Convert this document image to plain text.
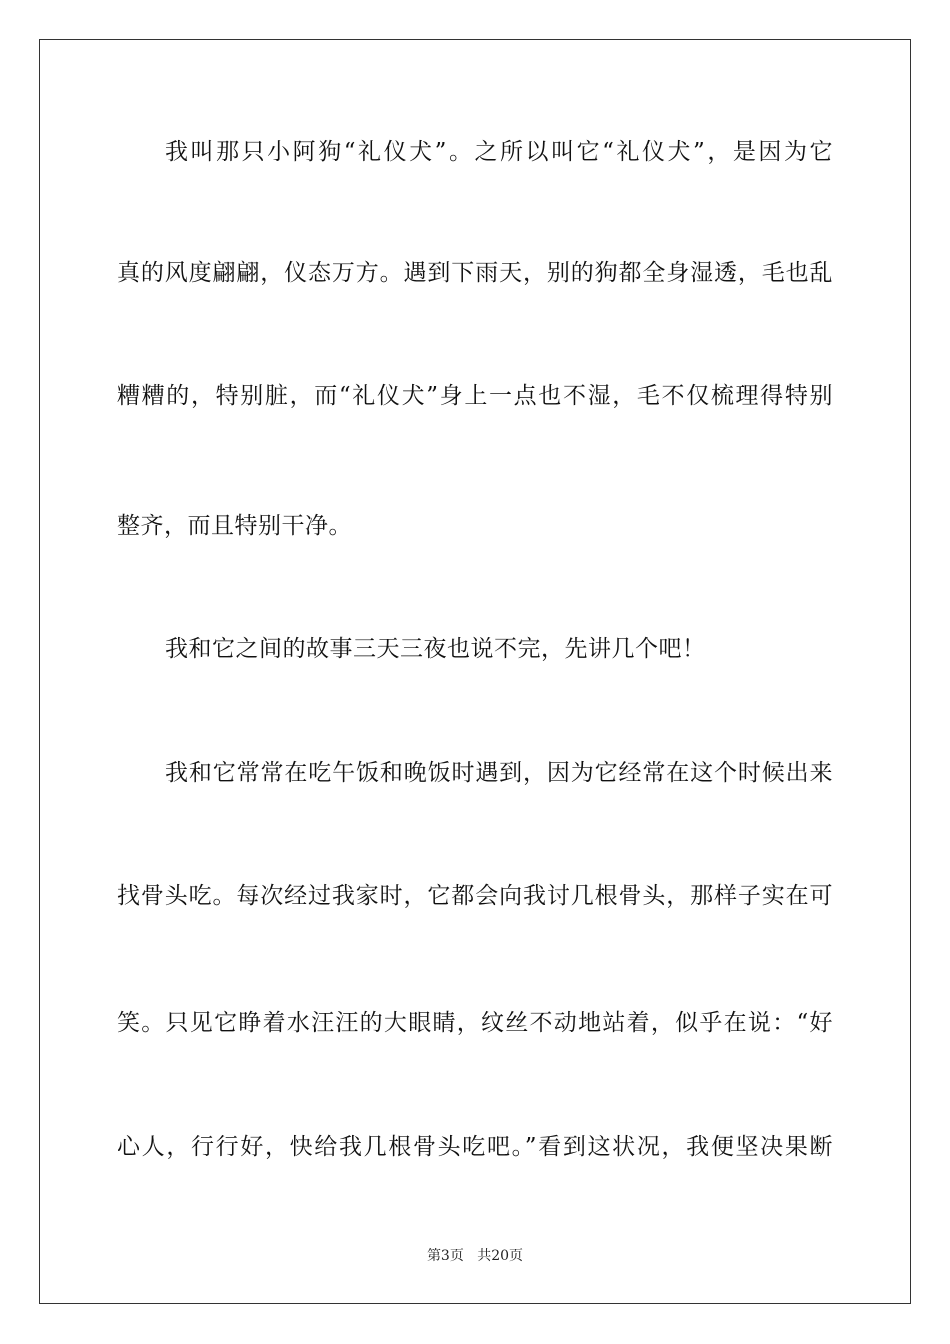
我叫那只小阿狗“礼仪犬”。之所以叫它“礼仪犬”，是因为它
真的风度翩翩，仪态万方。遇到下雨天，别的狗都全身湿透，毛也乱
糟糟的，特别脏，而“礼仪犬”身上一点也不湿，毛不仅梳理得特别
整齐，而且特别干净。
我和它之间的故事三天三夜也说不完，先讲几个吧！
我和它常常在吃午饭和晚饭时遇到，因为它经常在这个时候出来
找骨头吃。每次经过我家时，它都会向我讨几根骨头，那样子实在可
笑。只见它睁着水汪汪的大眼睛，纹丝不动地站着，似乎在说：“好
心人，行行好，快给我几根骨头吃吧。”看到这状况，我便坚决果断
第3页 共20页
